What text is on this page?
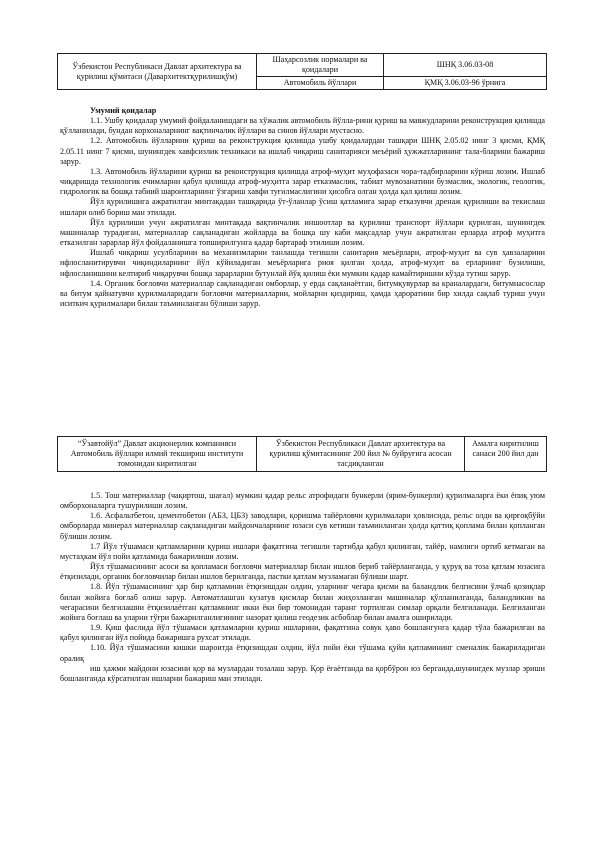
Ўзбекистон Республикаси Давлат архитектура ва қурилиш қўмитаси (Давархитектқурилишқўм)	Шаҳарсозлик нормалари ва қоидалари	ШНҚ 3.06.03-08
	Автомобиль йўллари	ҚМҚ 3.06.03-96 ўрнига

Умумий қоидалар

1.1. Ушбу қоидалар умумий фойдаланишдаги ва хўжалик автомобиль йўлла-рини қуриш ва мавжудларини реконструкция қилишда қўлланилади, бундан корхоналарнинг вақтинчалик йўллари ва синов йўллари мустасно.

1.2. Автомобиль йўлларини қуриш ва реконструкция қилишда ушбу қоидалардан ташқари ШНҚ 2.05.02 нинг 3 қисми, ҚМҚ 2.05.11 нинг 7 қисми, шунингдек хавфсизлик техникаси ва ишлаб чиқариш санитарияси меъёрий ҳужжатларининг тала-бларини бажариш зарур.

1.3. Автомобиль йўлларини қуриш ва реконструкция қилишда атроф-муҳит муҳофазаси чора-тадбирларини кўриш лозим. Ишлаб чиқаришда технологик ечимларни қабул қилишда атроф-муҳитга зарар етказмаслик, табиат мувозанатини бузмаслик, экологик, геологик, гидрологик ва бошқа табиий шароитларнинг ўзгариш хавфи туғилмаслигини ҳисобга олган ҳолда қал қилиш лозим.

Йўл қурилишига ажратилган минтақадан ташқарида ўт-ўланлар ўсиш қатламига зарар етказувчи дренаж қурилиши ва текислаш ишлари олиб бориш ман этилади.

Йўл қурилиши учун ажратилган минтақада вақтинчалик иншоотлар ва қурилиш транспорт йўллари қурилган, шунингдек машиналар турадиган, материаллар сақланадиган жойларда ва бошқа шу каби мақсадлар учун ажратилган ерларда атроф муҳитга етказилган зарарлар йўл фойдаланишга топширилгунга қадар бартараф этилиши лозим.

Ишлаб чиқариш усулбларини ва механизмларни танлашда тегишли санитария меъёрлари, атроф-муҳит ва сув ҳавзаларини ифлосланитирувчи чиқиндиларнинг йўл кўйиладиган меъёрларига риоя қилган ҳолда, атроф-муҳит ва ерларнинг бузилиши, ифлосланишини келтириб чиқарувчи бошқа зарарларни бутунлай йўқ қилиш ёки мумкин қадар камайтиришни кўзда тутиш зарур.

1.4. Органик боғловчи материаллар сақланадиган омборлар, у ерда сақланаётган, битумқувурлар ва краналардаги, битумнасослар ва битум қайнатувчи қурилмаларидаги боғловчи материалларни, мойларни қиздириш, ҳамда ҳароратини бир хилда сақлаб туриш учун иситкич қурилмалари билан таъминланган бўлиши зарур.

“Ўзавтойўл” Давлат акционерлик компанияси Автомобиль йўллари илмий текшириш институти томонидан киритилган	Ўзбекистон Республикаси Давлат архитектура ва қурилиш қўмитасининг 200 йил № буйруғига асосан тасдиқланган	Амалга киритилиш санаси 200 йил дан

1.5. Тош материаллар (чақиртош, шағал) мумкин қадар рельс атрофидаги бункерли (ярим-бункерли) қурилмаларга ёки ёпиқ уюм омборхоналарга тушурилиши лозим.

1.6. Асфальтбетон, цементобетон (АБЗ, ЦБЗ) заводлари, қоришма тайёрловчи қурилмалари ҳовлисида, рельс олди ва қирғоқбўйи омборларда минерал материаллар сақланадиган майдончаларнинг юзаси сув кетиши таъминланган ҳолда қаттиқ қоплама билан қопланган бўлиши лозим.

1.7 Йўл тўшамаси қатламларини қуриш ишлари фақатгина тегишли тартибда қабул қилинган, тайёр, намлиги ортиб кетмаган ва мустаҳкам йўл пойи қатламида бажарилиши лозим.

Йўл тўшамасининг асоси ва қопламаси боғловчи материаллар билан ишлов бериб тайёрланганда, у қуруқ ва тоза қатлам юзасига ётқизилади, органик боғловчилар билан ишлов берилганда, пастки қатлам музламаган бўлиши шарт.

1.8. Йўл тўшамасининг ҳар бир қатламини ётқизишдан олдин, уларнинг чегара қисми ва баландлик белгисини ўлчаб қозиқлар билан жойига боғлаб олиш зарур. Автоматлашган кузатув қисмлар билан жиҳозланган машиналар қўлланилганда, баландликни ва чегарасини белгилашни ётқизилаётган қатламнинг икки ёки бир томонидан таранг тортилган симлар орқали белгиланади. Белгиланган жойига боғлаш ва уларни тўғри бажарилганлигининг назорат қилиш геодезик асбоблар билан амалга оширилади.

1.9. Қиш фаслида йўл тўшамаси қатламларни қуриш ишларини, фақатгина совук ҳаво бошлангунга қадар тўла бажарилган ва қабул қилинган йўл пойида бажаришга рухсат этилади.

1.10. Йўл тўшамасини кишки шароитда ётқизишдан олдин, йўл пойи ёки тўшама қуйи қатламининг сменалик бажариладиган оралиқ

иш ҳажми майдони юзасини қор ва музлардан тозалаш зарур. Қор ёғаётганда ва қорбўрон юз берганда,шунингдек музлар эриши бошланганда кўрсатилган ишларни бажариш ман этилади.
